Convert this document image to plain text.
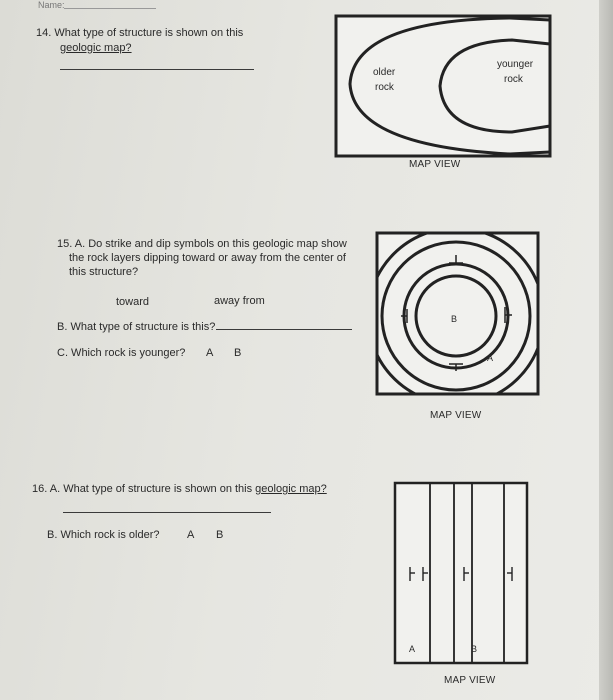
Name:
14. What type of structure is shown on this
geologic map?
older
rock
younger
rock
MAP VIEW
15. A. Do strike and dip symbols on this geologic map show
the rock layers dipping toward or away from the center of
this structure?
toward	away from
B. What type of structure is this?
C. Which rock is younger? A B
B
A
MAP VIEW
16. A. What type of structure is shown on this geologic map?
B. Which rock is older?	A B
A	B
MAP VIEW
